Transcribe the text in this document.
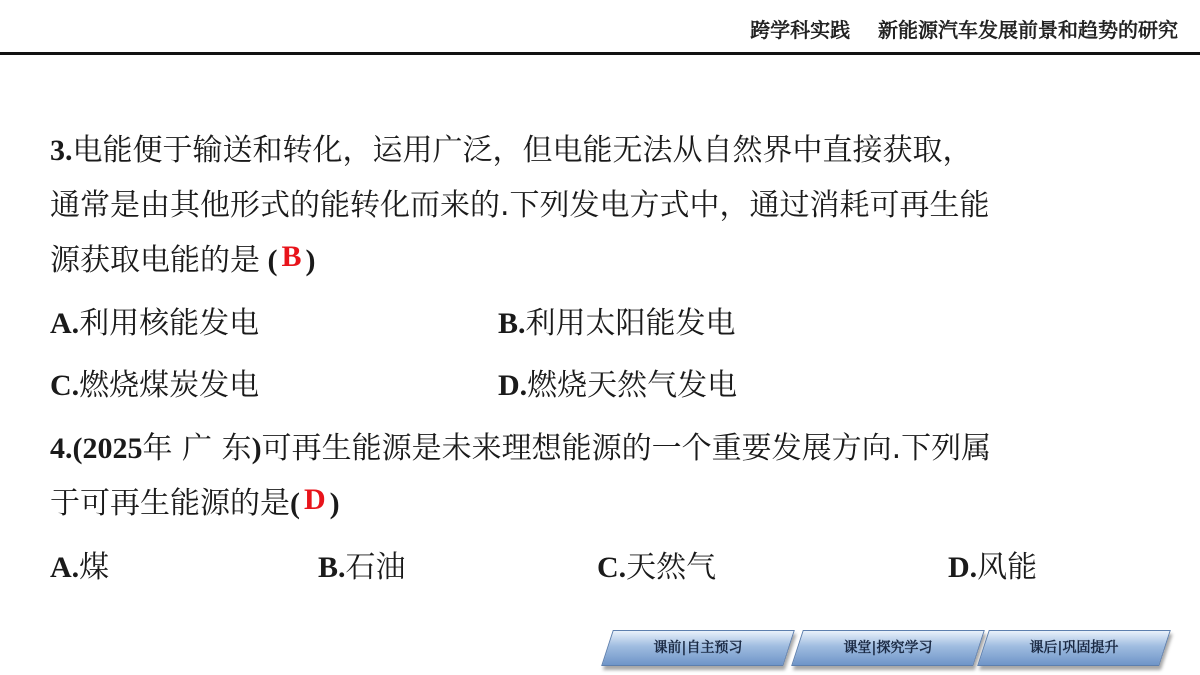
跨学科实践    新能源汽车发展前景和趋势的研究
3.电能便于输送和转化，运用广泛，但电能无法从自然界中直接获取，
通常是由其他形式的能转化而来的.下列发电方式中，通过消耗可再生能
源获取电能的是 ( B )
A.利用核能发电	B.利用太阳能发电
C.燃烧煤炭发电	D.燃烧天然气发电
4.(2025年 广 东)可再生能源是未来理想能源的一个重要发展方向.下列属
于可再生能源的是( D )
A.煤	B.石油	C.天然气	D.风能
课前|自主预习	课堂|探究学习	课后|巩固提升
